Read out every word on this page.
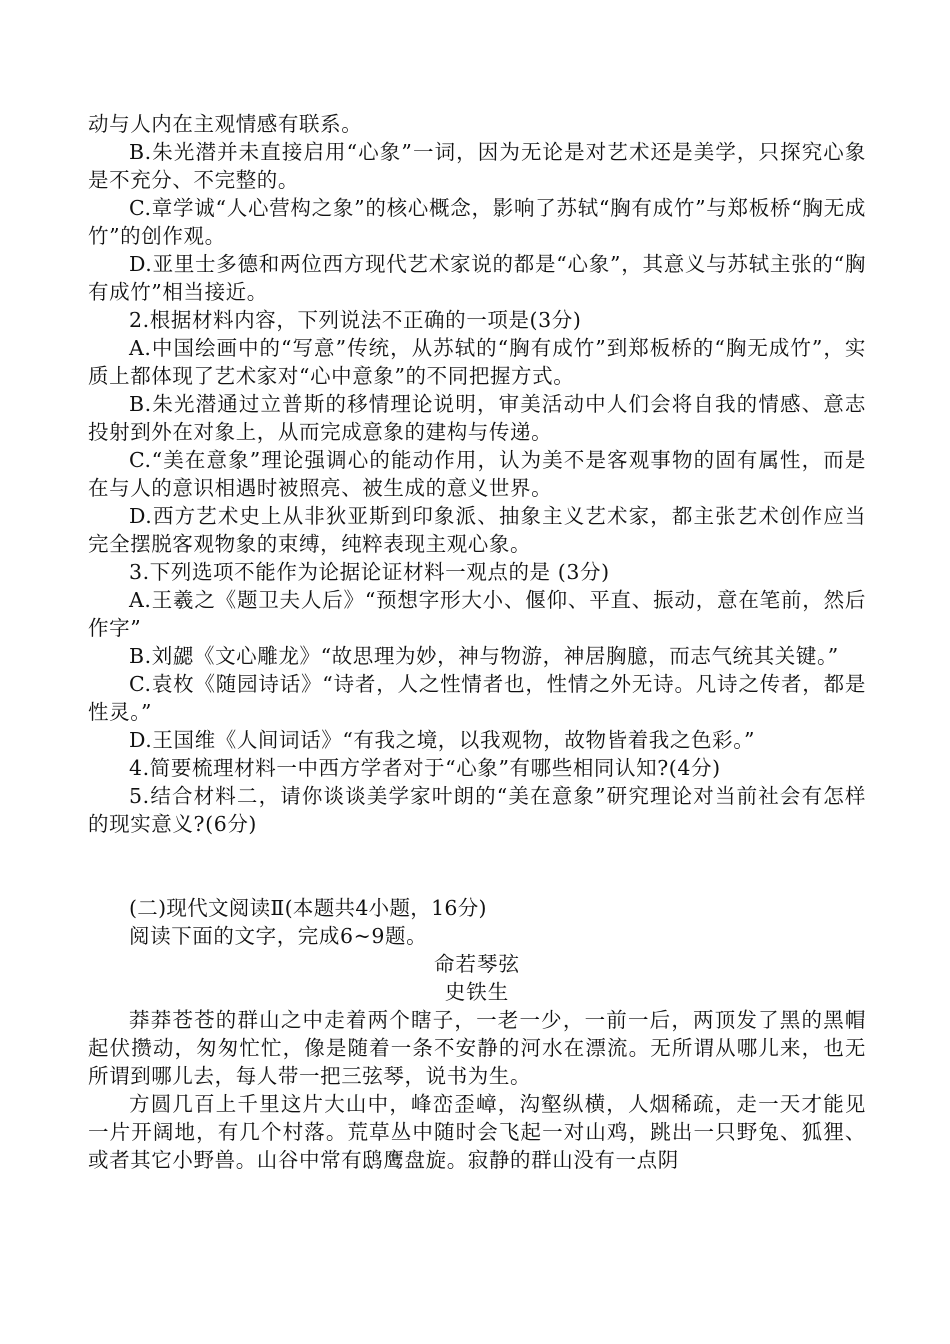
动与人内在主观情感有联系。

B.朱光潜并未直接启用“心象”一词，因为无论是对艺术还是美学，只探究心象是不充分、不完整的。

C.章学诚“人心营构之象”的核心概念，影响了苏轼“胸有成竹”与郑板桥“胸无成竹”的创作观。

D.亚里士多德和两位西方现代艺术家说的都是“心象”，其意义与苏轼主张的“胸有成竹”相当接近。

2.根据材料内容，下列说法不正确的一项是(3分)

A.中国绘画中的“写意”传统，从苏轼的“胸有成竹”到郑板桥的“胸无成竹”，实质上都体现了艺术家对“心中意象”的不同把握方式。

B.朱光潜通过立普斯的移情理论说明，审美活动中人们会将自我的情感、意志投射到外在对象上，从而完成意象的建构与传递。

C.“美在意象”理论强调心的能动作用，认为美不是客观事物的固有属性，而是在与人的意识相遇时被照亮、被生成的意义世界。

D.西方艺术史上从非狄亚斯到印象派、抽象主义艺术家，都主张艺术创作应当完全摆脱客观物象的束缚，纯粹表现主观心象。

3.下列选项不能作为论据论证材料一观点的是 (3分)

A.王羲之《题卫夫人后》“预想字形大小、偃仰、平直、振动，意在笔前，然后作字”

B.刘勰《文心雕龙》“故思理为妙，神与物游，神居胸臆，而志气统其关键。”

C.袁枚《随园诗话》“诗者，人之性情者也，性情之外无诗。凡诗之传者，都是性灵。”

D.王国维《人间词话》“有我之境，以我观物，故物皆着我之色彩。”

4.简要梳理材料一中西方学者对于“心象”有哪些相同认知?(4分)

5.结合材料二，请你谈谈美学家叶朗的“美在意象”研究理论对当前社会有怎样的现实意义?(6分)

(二)现代文阅读Ⅱ(本题共4小题，16分)

阅读下面的文字，完成6~9题。

命若琴弦

史铁生

莽莽苍苍的群山之中走着两个瞎子，一老一少，一前一后，两顶发了黑的黑帽起伏攒动，匆匆忙忙，像是随着一条不安静的河水在漂流。无所谓从哪儿来，也无所谓到哪儿去，每人带一把三弦琴，说书为生。

方圆几百上千里这片大山中，峰峦歪嶂，沟壑纵横，人烟稀疏，走一天才能见一片开阔地，有几个村落。荒草丛中随时会飞起一对山鸡，跳出一只野兔、狐狸、或者其它小野兽。山谷中常有鸱鹰盘旋。寂静的群山没有一点阴
